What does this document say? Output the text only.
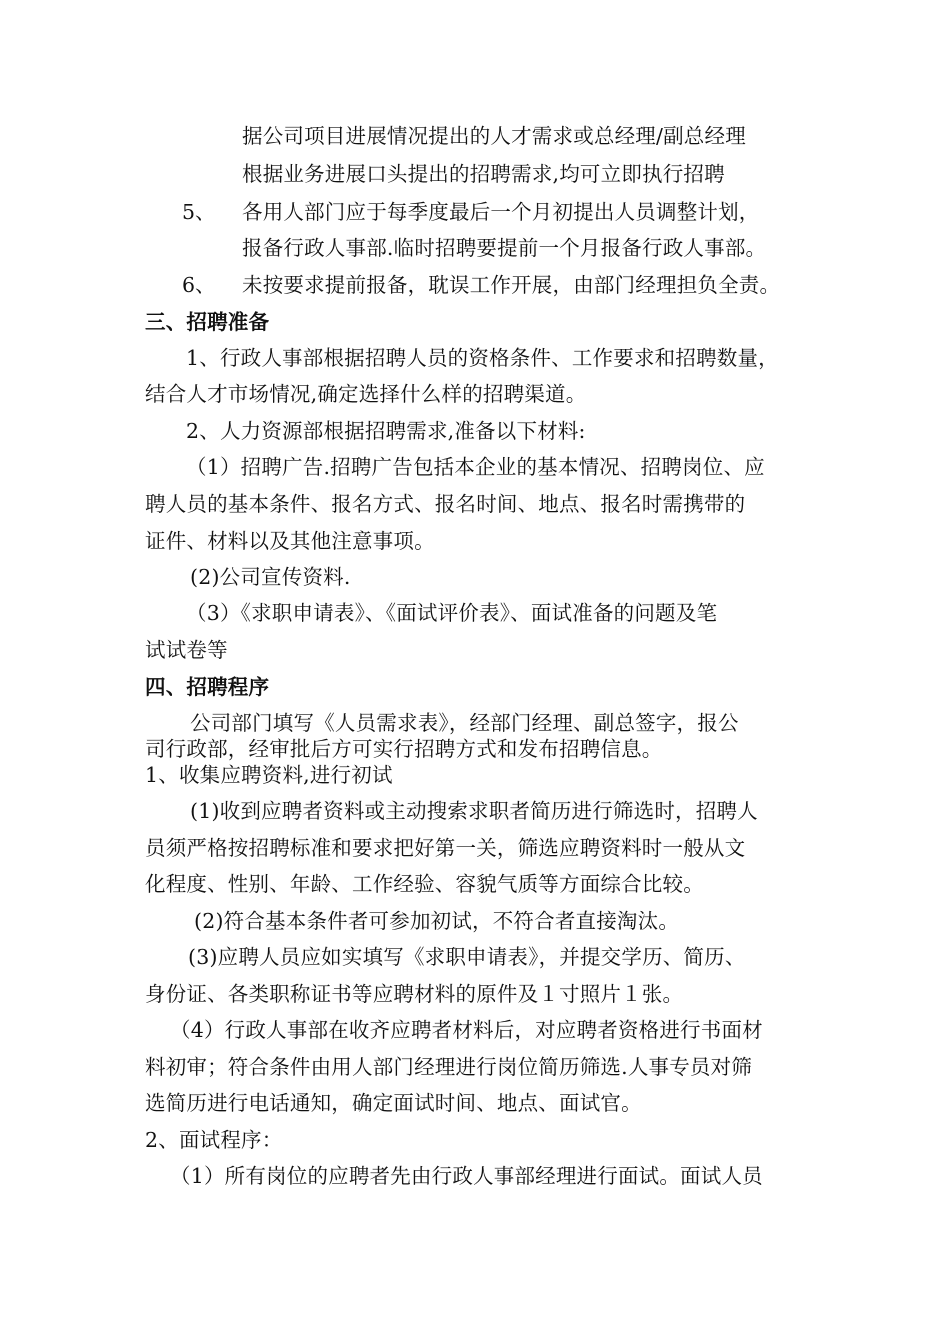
据公司项目进展情况提出的人才需求或总经理/副总经理
根据业务进展口头提出的招聘需求,均可立即执行招聘
5、 各用人部门应于每季度最后一个月初提出人员调整计划，
报备行政人事部.临时招聘要提前一个月报备行政人事部。
6、 未按要求提前报备，耽误工作开展，由部门经理担负全责。
三、招聘准备
1、行政人事部根据招聘人员的资格条件、工作要求和招聘数量，
结合人才市场情况,确定选择什么样的招聘渠道。
2、人力资源部根据招聘需求,准备以下材料:
（1）招聘广告.招聘广告包括本企业的基本情况、招聘岗位、应
聘人员的基本条件、报名方式、报名时间、地点、报名时需携带的
证件、材料以及其他注意事项。
(2)公司宣传资料.
（3）《求职申请表》、《面试评价表》、面试准备的问题及笔
试试卷等
四、招聘程序
公司部门填写《人员需求表》，经部门经理、副总签字，报公
司行政部，经审批后方可实行招聘方式和发布招聘信息。
1、收集应聘资料,进行初试
(1)收到应聘者资料或主动搜索求职者简历进行筛选时，招聘人
员须严格按招聘标准和要求把好第一关，筛选应聘资料时一般从文
化程度、性别、年龄、工作经验、容貌气质等方面综合比较。
(2)符合基本条件者可参加初试，不符合者直接淘汰。
(3)应聘人员应如实填写《求职申请表》，并提交学历、简历、
身份证、各类职称证书等应聘材料的原件及１寸照片１张。
（4）行政人事部在收齐应聘者材料后，对应聘者资格进行书面材
料初审；符合条件由用人部门经理进行岗位简历筛选.人事专员对筛
选简历进行电话通知，确定面试时间、地点、面试官。
2、面试程序：
（1）所有岗位的应聘者先由行政人事部经理进行面试。面试人员
